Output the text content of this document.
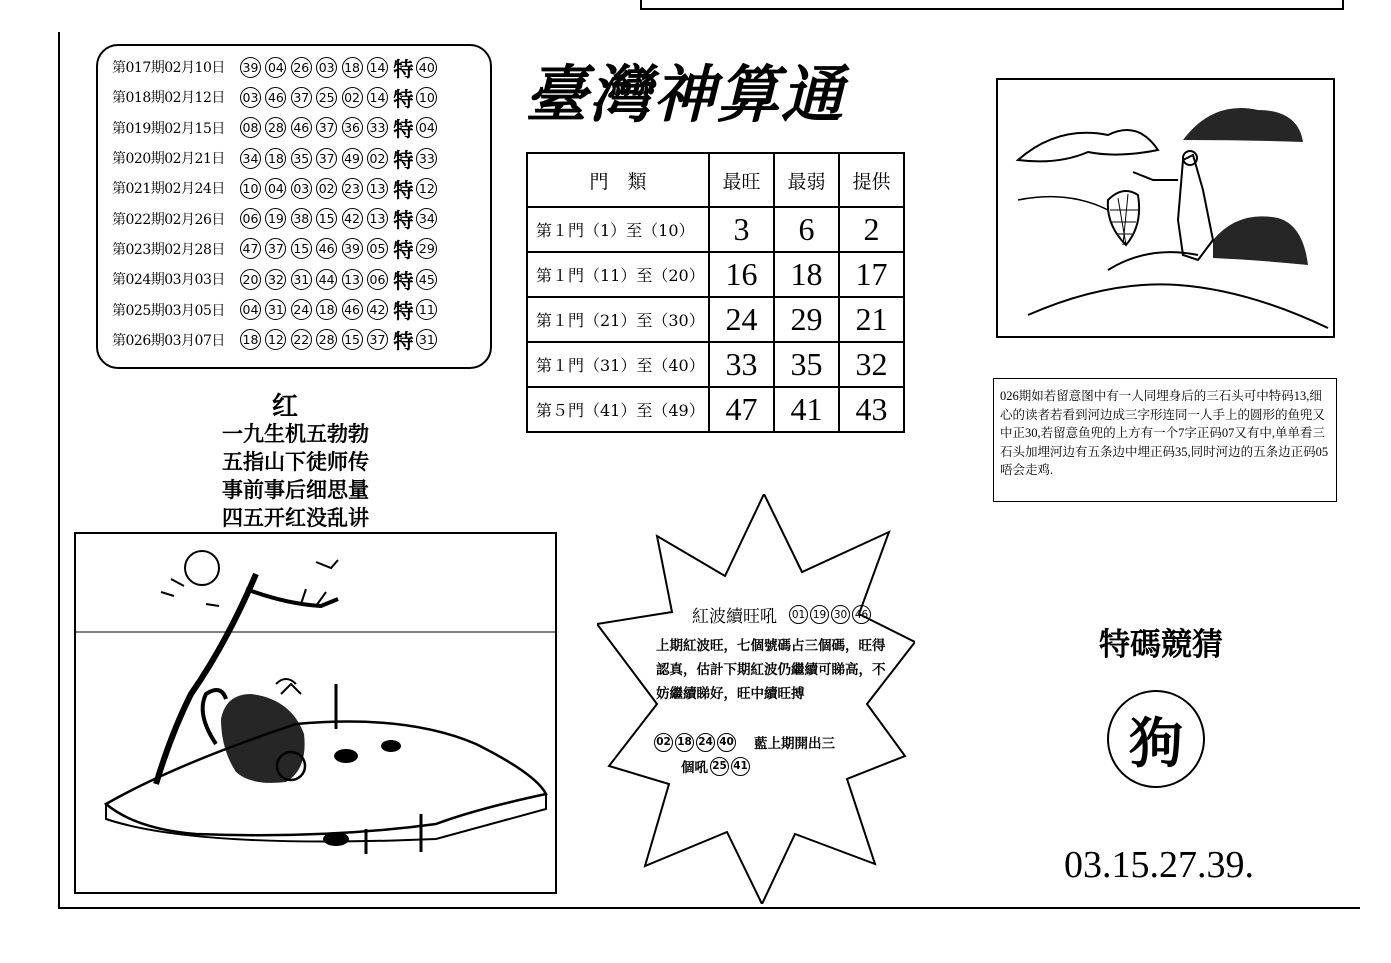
第017期02月10日	39 04 26 03 18 14 特 40
第018期02月12日	03 46 37 25 02 14 特 10
第019期02月15日	08 28 46 37 36 33 特 04
第020期02月21日	34 18 35 37 49 02 特 33
第021期02月24日	10 04 03 02 23 13 特 12
第022期02月26日	06 19 38 15 42 13 特 34
第023期02月28日	47 37 15 46 39 05 特 29
第024期03月03日	20 32 31 44 13 06 特 45
第025期03月05日	04 31 24 18 46 42 特 11
第026期03月07日	18 12 22 28 15 37 特 31
臺灣神算通
門　類	最旺	最弱	提供
第１門（1）至（10）	3	6	2
第１門（11）至（20）	16	18	17
第１門（21）至（30）	24	29	21
第１門（31）至（40）	33	35	32
第５門（41）至（49）	47	41	43
红
一九生机五勃勃
五指山下徒师传
事前事后细思量
四五开红没乱讲
026期如若留意图中有一人同埋身后的三石头可中特码13,细心的读者若看到河边成三字形连同一人手上的圆形的鱼兜又中正30,若留意鱼兜的上方有一个7字正码07又有中,单单看三石头加埋河边有五条边中埋正码35,同时河边的五条边正码05唔会走鸡.
紅波續旺吼 01 19 30 46
上期紅波旺，七個號碼占三個碼，旺得認真，估計下期紅波仍繼續可睇高，不妨繼續睇好，旺中續旺搏
02 18 24 40 藍上期開出三
個吼 25 41
特碼競猜
狗
03.15.27.39.
